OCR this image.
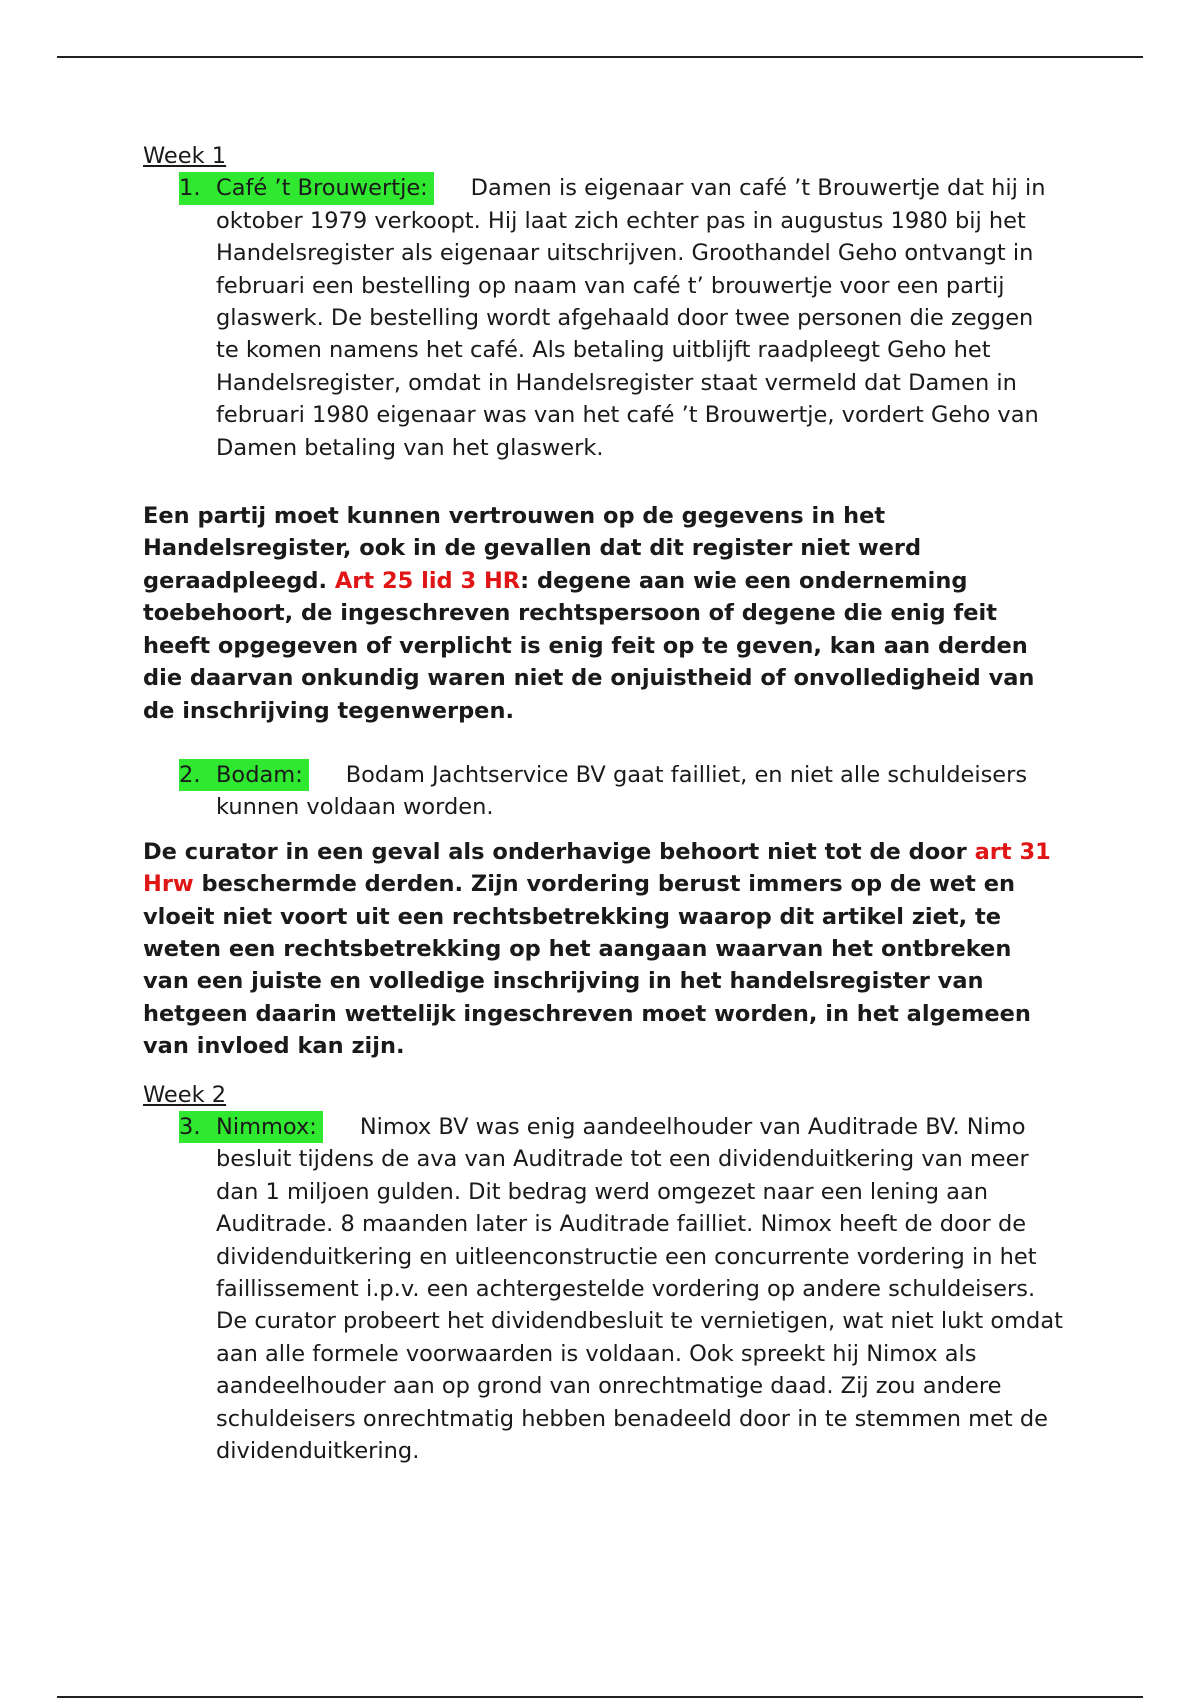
Week 1

1. Café ’t Brouwertje: Damen is eigenaar van café ’t Brouwertje dat hij in oktober 1979 verkoopt. Hij laat zich echter pas in augustus 1980 bij het Handelsregister als eigenaar uitschrijven. Groothandel Geho ontvangt in februari een bestelling op naam van café t’ brouwertje voor een partij glaswerk. De bestelling wordt afgehaald door twee personen die zeggen te komen namens het café. Als betaling uitblijft raadpleegt Geho het Handelsregister, omdat in Handelsregister staat vermeld dat Damen in februari 1980 eigenaar was van het café ’t Brouwertje, vordert Geho van Damen betaling van het glaswerk.

Een partij moet kunnen vertrouwen op de gegevens in het Handelsregister, ook in de gevallen dat dit register niet werd geraadpleegd. Art 25 lid 3 HR: degene aan wie een onderneming toebehoort, de ingeschreven rechtspersoon of degene die enig feit heeft opgegeven of verplicht is enig feit op te geven, kan aan derden die daarvan onkundig waren niet de onjuistheid of onvolledigheid van de inschrijving tegenwerpen.

2. Bodam: Bodam Jachtservice BV gaat failliet, en niet alle schuldeisers kunnen voldaan worden.

De curator in een geval als onderhavige behoort niet tot de door art 31 Hrw beschermde derden. Zijn vordering berust immers op de wet en vloeit niet voort uit een rechtsbetrekking waarop dit artikel ziet, te weten een rechtsbetrekking op het aangaan waarvan het ontbreken van een juiste en volledige inschrijving in het handelsregister van hetgeen daarin wettelijk ingeschreven moet worden, in het algemeen van invloed kan zijn.

Week 2

3. Nimmox: Nimox BV was enig aandeelhouder van Auditrade BV. Nimo besluit tijdens de ava van Auditrade tot een dividenduitkering van meer dan 1 miljoen gulden. Dit bedrag werd omgezet naar een lening aan Auditrade. 8 maanden later is Auditrade failliet. Nimox heeft de door de dividenduitkering en uitleenconstructie een concurrente vordering in het faillissement i.p.v. een achtergestelde vordering op andere schuldeisers. De curator probeert het dividendbesluit te vernietigen, wat niet lukt omdat aan alle formele voorwaarden is voldaan. Ook spreekt hij Nimox als aandeelhouder aan op grond van onrechtmatige daad. Zij zou andere schuldeisers onrechtmatig hebben benadeeld door in te stemmen met de dividenduitkering.
